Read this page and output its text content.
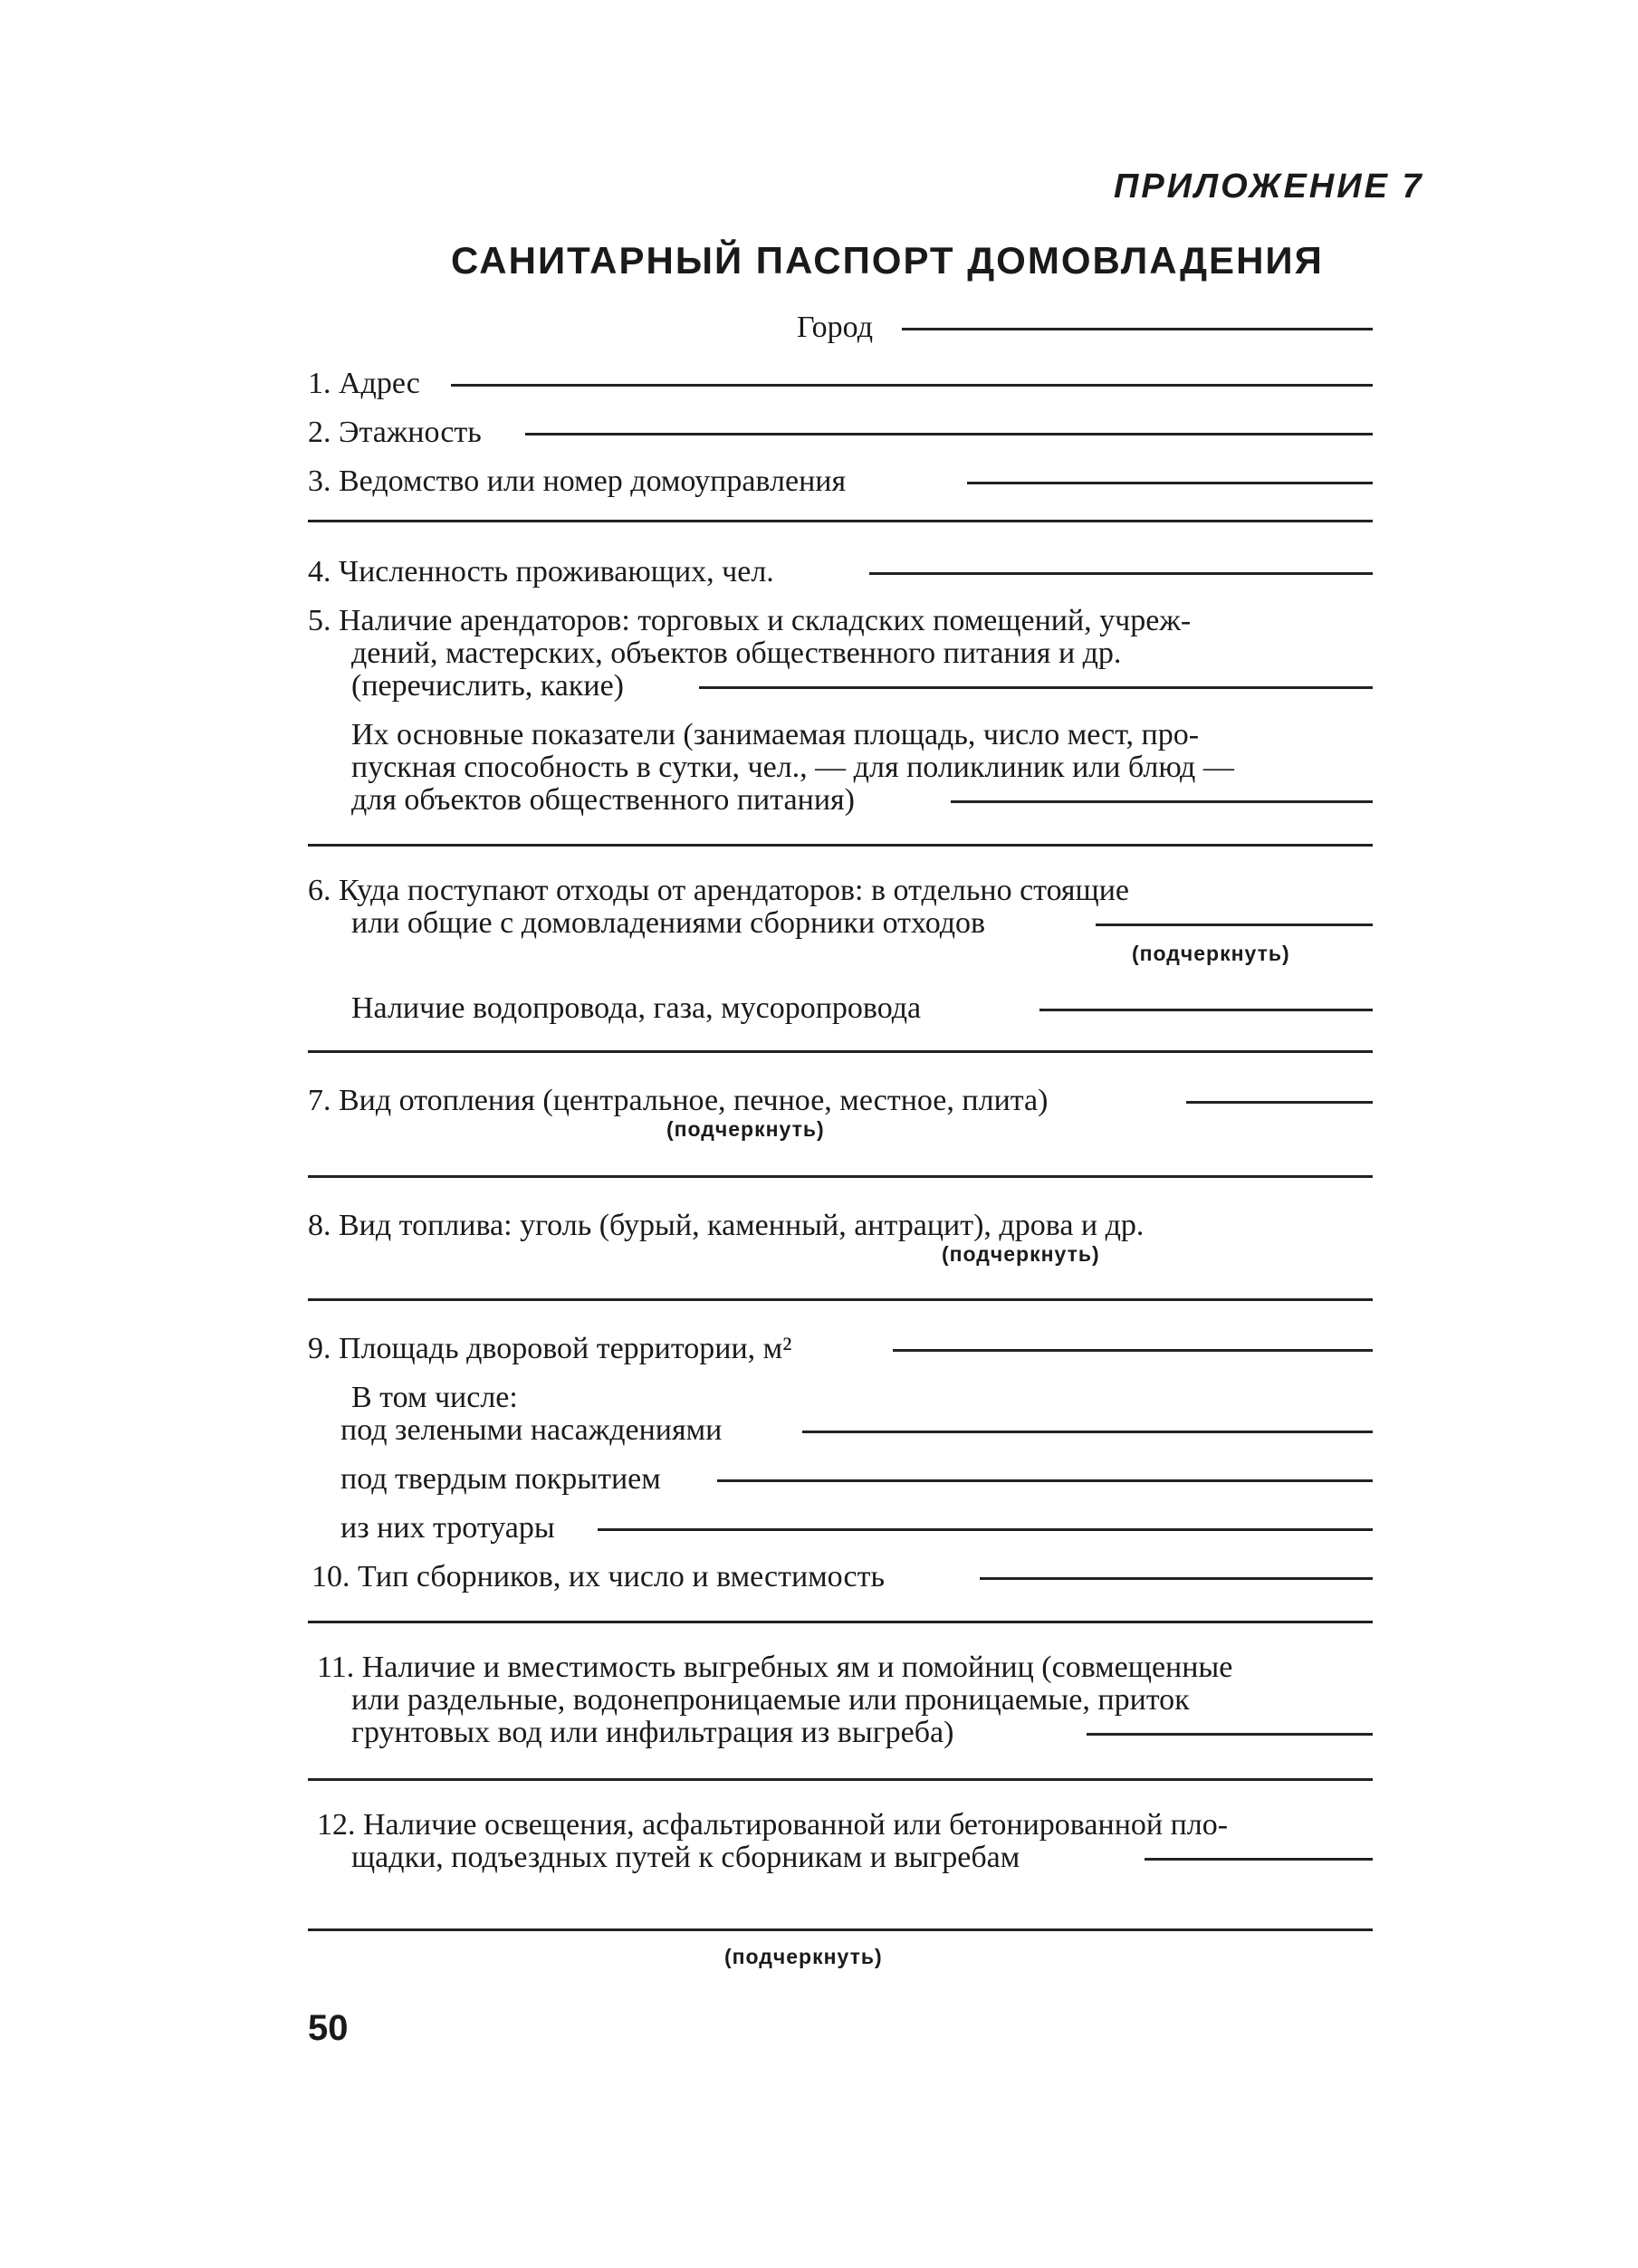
ПРИЛОЖЕНИЕ 7
САНИТАРНЫЙ ПАСПОРТ ДОМОВЛАДЕНИЯ
Город
1. Адрес
2. Этажность
3. Ведомство или номер домоуправления
4. Численность проживающих, чел.
5. Наличие арендаторов: торговых и складских помещений, учреж-
дений, мастерских, объектов общественного питания и др.
(перечислить, какие)
Их основные показатели (занимаемая площадь, число мест, про-
пускная способность в сутки, чел., — для поликлиник или блюд —
для объектов общественного питания)
6. Куда поступают отходы от арендаторов: в отдельно стоящие
или общие с домовладениями сборники отходов
(подчеркнуть)
Наличие водопровода, газа, мусоропровода
7. Вид отопления (центральное, печное, местное, плита)
(подчеркнуть)
8. Вид топлива: уголь (бурый, каменный, антрацит), дрова и др.
(подчеркнуть)
9. Площадь дворовой территории, м²
В том числе:
под зелеными насаждениями
под твердым покрытием
из них тротуары
10. Тип сборников, их число и вместимость
11. Наличие и вместимость выгребных ям и помойниц (совмещенные
или раздельные, водонепроницаемые или проницаемые, приток
грунтовых вод или инфильтрация из выгреба)
12. Наличие освещения, асфальтированной или бетонированной пло-
щадки, подъездных путей к сборникам и выгребам
(подчеркнуть)
50
